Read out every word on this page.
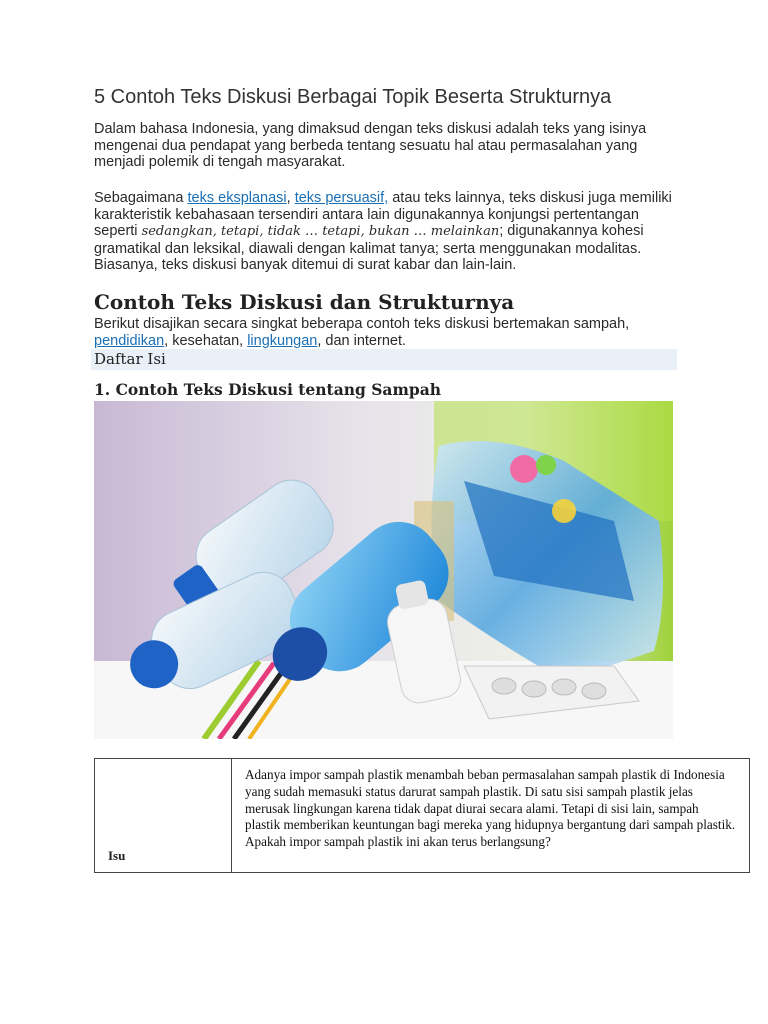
5 Contoh Teks Diskusi Berbagai Topik Beserta Strukturnya
Dalam bahasa Indonesia, yang dimaksud dengan teks diskusi adalah teks yang isinya mengenai dua pendapat yang berbeda tentang sesuatu hal atau permasalahan yang menjadi polemik di tengah masyarakat.
Sebagaimana teks eksplanasi, teks persuasif, atau teks lainnya, teks diskusi juga memiliki karakteristik kebahasaan tersendiri antara lain digunakannya konjungsi pertentangan seperti sedangkan, tetapi, tidak … tetapi, bukan … melainkan; digunakannya kohesi gramatikal dan leksikal, diawali dengan kalimat tanya; serta menggunakan modalitas. Biasanya, teks diskusi banyak ditemui di surat kabar dan lain-lain.
Contoh Teks Diskusi dan Strukturnya
Berikut disajikan secara singkat beberapa contoh teks diskusi bertemakan sampah, pendidikan, kesehatan, lingkungan, dan internet.
Daftar Isi
1. Contoh Teks Diskusi tentang Sampah
Isu
	Adanya impor sampah plastik menambah beban permasalahan sampah plastik di Indonesia yang sudah memasuki status darurat sampah plastik. Di satu sisi sampah plastik jelas merusak lingkungan karena tidak dapat diurai secara alami. Tetapi di sisi lain, sampah plastik memberikan keuntungan bagi mereka yang hidupnya bergantung dari sampah plastik. Apakah impor sampah plastik ini akan terus berlangsung?
